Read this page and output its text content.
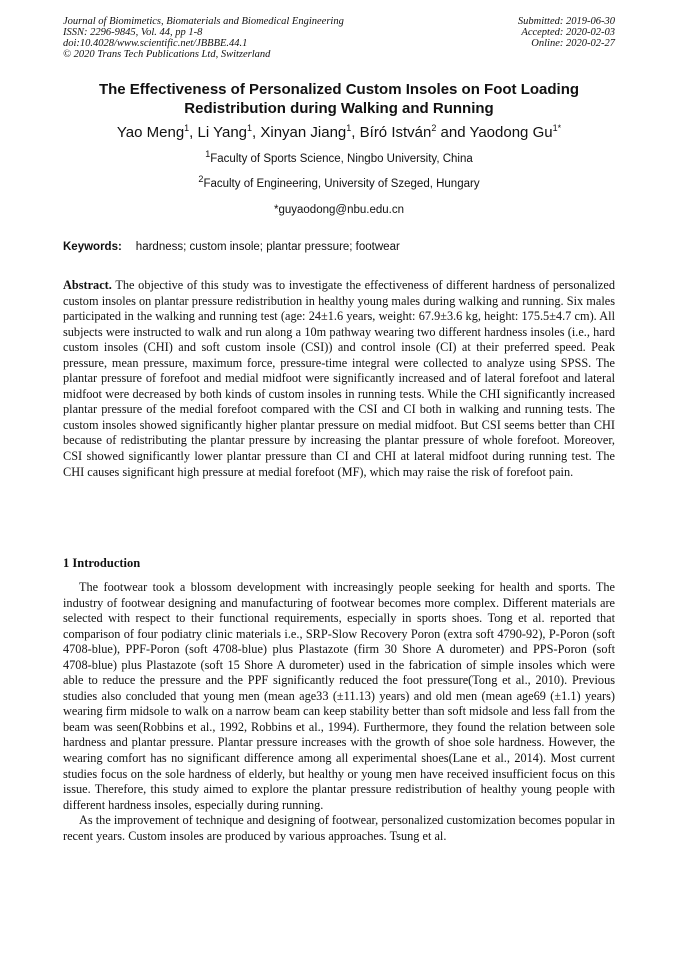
Journal of Biomimetics, Biomaterials and Biomedical Engineering
ISSN: 2296-9845, Vol. 44, pp 1-8
doi:10.4028/www.scientific.net/JBBBE.44.1
© 2020 Trans Tech Publications Ltd, Switzerland
Submitted: 2019-06-30
Accepted: 2020-02-03
Online: 2020-02-27
The Effectiveness of Personalized Custom Insoles on Foot Loading
Redistribution during Walking and Running
Yao Meng$^1$, Li Yang$^1$, Xinyan Jiang$^1$, Bíró István$^2$ and Yaodong $Gu^{1*}$
$^1$Faculty of Sports Science, Ningbo University, China
$^2$Faculty of Engineering, University of Szeged, Hungary
*guyaodong@nbu.edu.cn
Keywords: hardness; custom insole; plantar pressure; footwear
Abstract. The objective of this study was to investigate the effectiveness of different hardness of personalized custom insoles on plantar pressure redistribution in healthy young males during walking and running. Six males participated in the walking and running test (age: 24±1.6 years, weight: 67.9±3.6 kg, height: 175.5±4.7 cm). All subjects were instructed to walk and run along a 10m pathway wearing two different hardness insoles (i.e., hard custom insoles (CHI) and soft custom insole (CSI)) and control insole (CI) at their preferred speed. Peak pressure, mean pressure, maximum force, pressure-time integral were collected to analyze using SPSS. The plantar pressure of forefoot and medial midfoot were significantly increased and of lateral forefoot and lateral midfoot were decreased by both kinds of custom insoles in running tests. While the CHI significantly increased plantar pressure of the medial forefoot compared with the CSI and CI both in walking and running tests. The custom insoles showed significantly higher plantar pressure on medial midfoot. But CSI seems better than CHI because of redistributing the plantar pressure by increasing the plantar pressure of whole forefoot. Moreover, CSI showed significantly lower plantar pressure than CI and CHI at lateral midfoot during running test. The CHI causes significant high pressure at medial forefoot (MF), which may raise the risk of forefoot pain.
1 Introduction

The footwear took a blossom development with increasingly people seeking for health and sports. The industry of footwear designing and manufacturing of footwear becomes more complex. Different materials are selected with respect to their functional requirements, especially in sports shoes. Tong et al. reported that comparison of four podiatry clinic materials i.e., SRP-Slow Recovery Poron (extra soft 4790-92), P-Poron (soft 4708-blue), PPF-Poron (soft 4708-blue) plus Plastazote (firm 30 Shore A durometer) and PPS-Poron (soft 4708-blue) plus Plastazote (soft 15 Shore A durometer) used in the fabrication of simple insoles which were able to reduce the pressure and the PPF significantly reduced the foot pressure(Tong et al., 2010). Previous studies also concluded that young men (mean age33 (±11.13) years) and old men (mean age69 (±1.1) years) wearing firm midsole to walk on a narrow beam can keep stability better than soft midsole and less fall from the beam was seen(Robbins et al., 1992, Robbins et al., 1994). Furthermore, they found the relation between sole hardness and plantar pressure. Plantar pressure increases with the growth of shoe sole hardness. However, the wearing comfort has no significant difference among all experimental shoes(Lane et al., 2014). Most current studies focus on the sole hardness of elderly, but healthy or young men have received insufficient focus on this issue. Therefore, this study aimed to explore the plantar pressure redistribution of healthy young people with different hardness insoles, especially during running.

As the improvement of technique and designing of footwear, personalized customization becomes popular in recent years. Custom insoles are produced by various approaches. Tsung et al.
